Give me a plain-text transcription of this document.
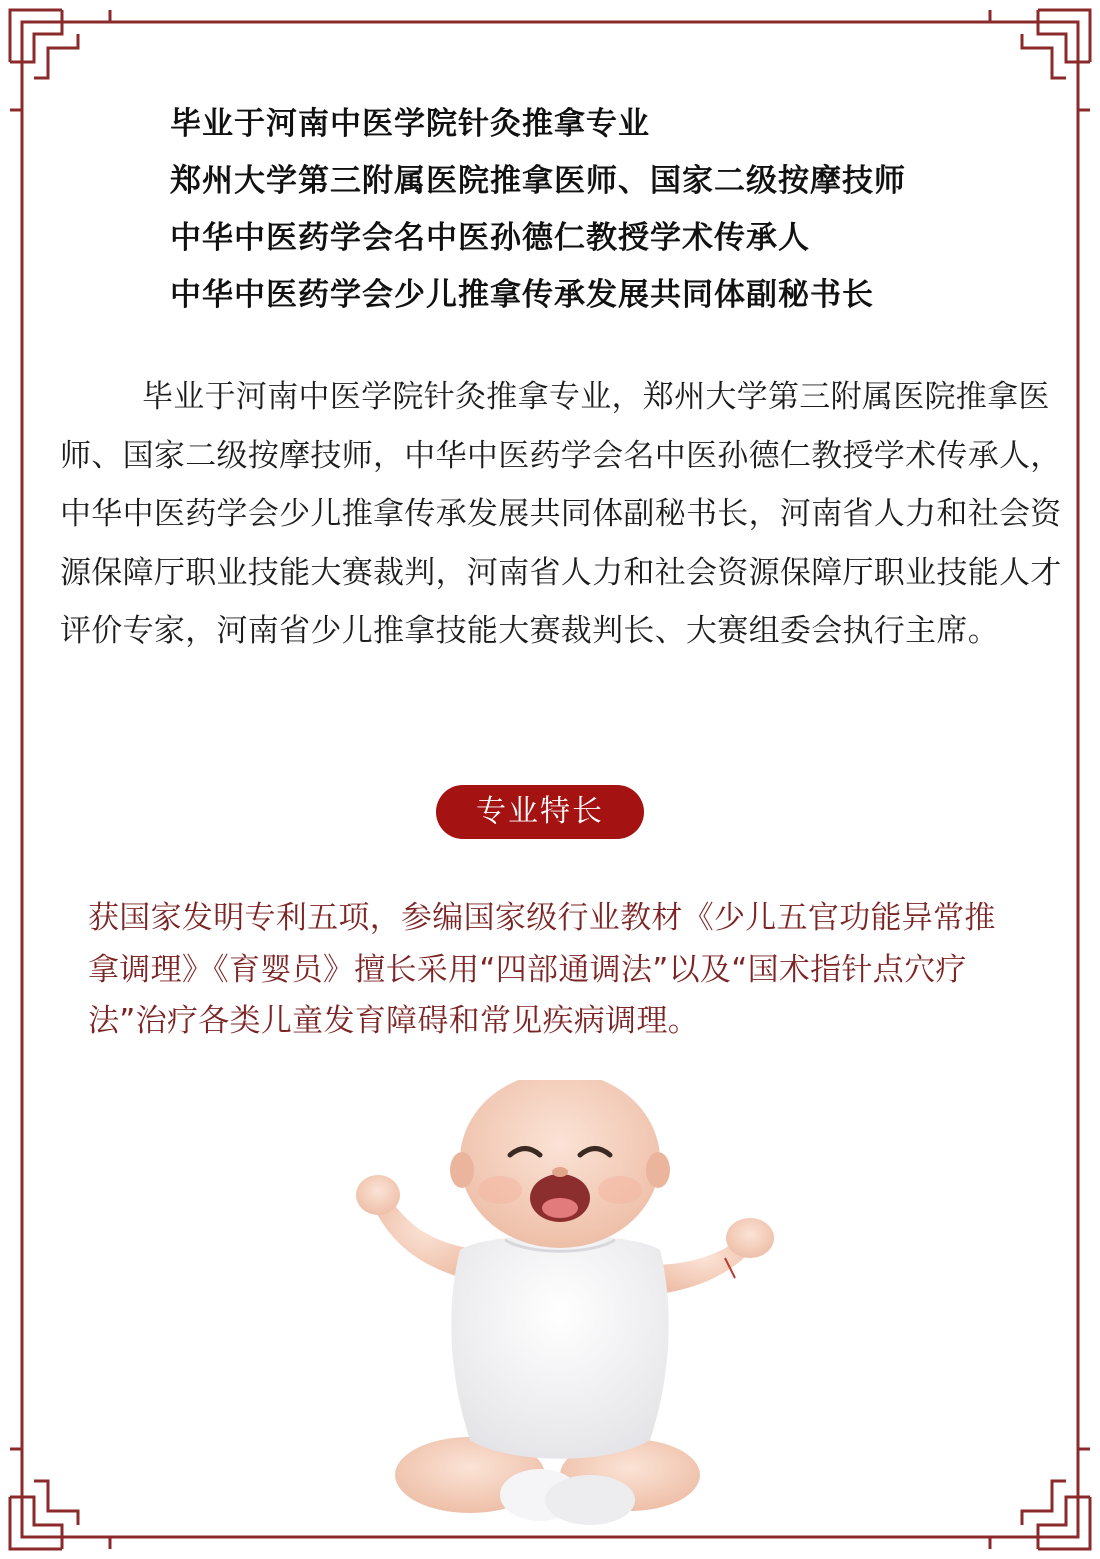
毕业于河南中医学院针灸推拿专业
郑州大学第三附属医院推拿医师、国家二级按摩技师
中华中医药学会名中医孙德仁教授学术传承人
中华中医药学会少儿推拿传承发展共同体副秘书长

毕业于河南中医学院针灸推拿专业，郑州大学第三附属医院推拿医师、国家二级按摩技师，中华中医药学会名中医孙德仁教授学术传承人，中华中医药学会少儿推拿传承发展共同体副秘书长，河南省人力和社会资源保障厅职业技能大赛裁判，河南省人力和社会资源保障厅职业技能人才评价专家，河南省少儿推拿技能大赛裁判长、大赛组委会执行主席。

专业特长

获国家发明专利五项，参编国家级行业教材《少儿五官功能异常推拿调理》《育婴员》擅长采用“四部通调法”以及“国术指针点穴疗法”治疗各类儿童发育障碍和常见疾病调理。
